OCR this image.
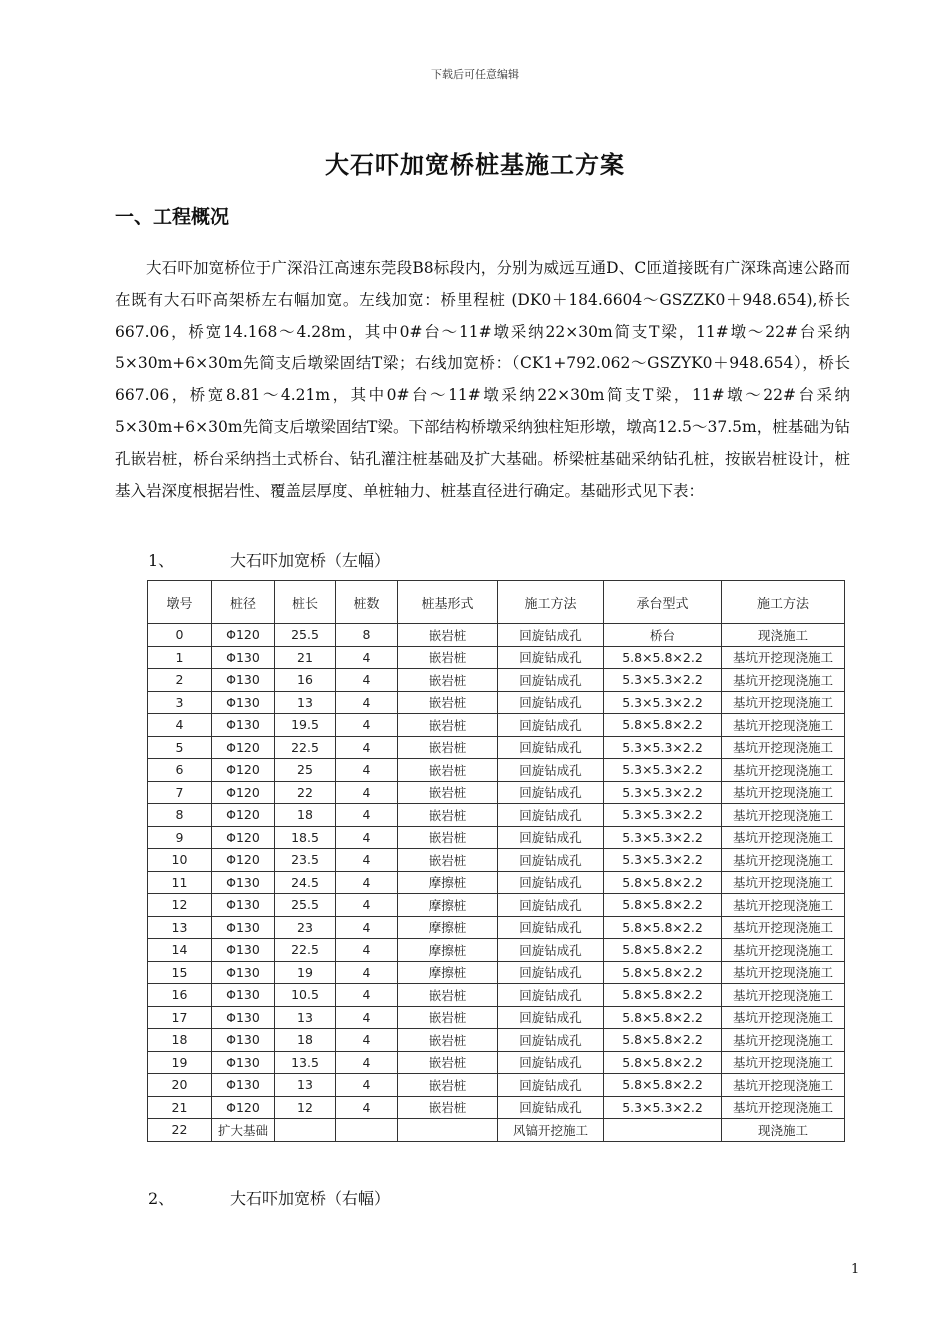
下载后可任意编辑
大石吓加宽桥桩基施工方案
一、工程概况

大石吓加宽桥位于广深沿江高速东莞段B8标段内，分别为威远互通D、C匝道接既有广深珠高速公路而在既有大石吓高架桥左右幅加宽。左线加宽：桥里程桩 (DK0＋184.6604～GSZZK0＋948.654),桥长667.06，桥宽14.168～4.28m，其中0#台～11#墩采纳22×30m简支T梁，11#墩～22#台采纳5×30m+6×30m先简支后墩梁固结T梁；右线加宽桥：（CK1+792.062～GSZYK0＋948.654），桥长667.06，桥宽8.81～4.21m，其中0#台～11#墩采纳22×30m简支T梁，11#墩～22#台采纳5×30m+6×30m先简支后墩梁固结T梁。下部结构桥墩采纳独柱矩形墩，墩高12.5～37.5m，桩基础为钻孔嵌岩桩，桥台采纳挡土式桥台、钻孔灌注桩基础及扩大基础。桥梁桩基础采纳钻孔桩，按嵌岩桩设计，桩基入岩深度根据岩性、覆盖层厚度、单桩轴力、桩基直径进行确定。基础形式见下表：

1、	大石吓加宽桥（左幅）
墩号	桩径	桩长	桩数	桩基形式	施工方法	承台型式	施工方法
0	Φ120	25.5	8	嵌岩桩	回旋钻成孔	桥台	现浇施工
1	Φ130	21	4	嵌岩桩	回旋钻成孔	5.8×5.8×2.2	基坑开挖现浇施工
2	Φ130	16	4	嵌岩桩	回旋钻成孔	5.3×5.3×2.2	基坑开挖现浇施工
3	Φ130	13	4	嵌岩桩	回旋钻成孔	5.3×5.3×2.2	基坑开挖现浇施工
4	Φ130	19.5	4	嵌岩桩	回旋钻成孔	5.8×5.8×2.2	基坑开挖现浇施工
5	Φ120	22.5	4	嵌岩桩	回旋钻成孔	5.3×5.3×2.2	基坑开挖现浇施工
6	Φ120	25	4	嵌岩桩	回旋钻成孔	5.3×5.3×2.2	基坑开挖现浇施工
7	Φ120	22	4	嵌岩桩	回旋钻成孔	5.3×5.3×2.2	基坑开挖现浇施工
8	Φ120	18	4	嵌岩桩	回旋钻成孔	5.3×5.3×2.2	基坑开挖现浇施工
9	Φ120	18.5	4	嵌岩桩	回旋钻成孔	5.3×5.3×2.2	基坑开挖现浇施工
10	Φ120	23.5	4	嵌岩桩	回旋钻成孔	5.3×5.3×2.2	基坑开挖现浇施工
11	Φ130	24.5	4	摩擦桩	回旋钻成孔	5.8×5.8×2.2	基坑开挖现浇施工
12	Φ130	25.5	4	摩擦桩	回旋钻成孔	5.8×5.8×2.2	基坑开挖现浇施工
13	Φ130	23	4	摩擦桩	回旋钻成孔	5.8×5.8×2.2	基坑开挖现浇施工
14	Φ130	22.5	4	摩擦桩	回旋钻成孔	5.8×5.8×2.2	基坑开挖现浇施工
15	Φ130	19	4	摩擦桩	回旋钻成孔	5.8×5.8×2.2	基坑开挖现浇施工
16	Φ130	10.5	4	嵌岩桩	回旋钻成孔	5.8×5.8×2.2	基坑开挖现浇施工
17	Φ130	13	4	嵌岩桩	回旋钻成孔	5.8×5.8×2.2	基坑开挖现浇施工
18	Φ130	18	4	嵌岩桩	回旋钻成孔	5.8×5.8×2.2	基坑开挖现浇施工
19	Φ130	13.5	4	嵌岩桩	回旋钻成孔	5.8×5.8×2.2	基坑开挖现浇施工
20	Φ130	13	4	嵌岩桩	回旋钻成孔	5.8×5.8×2.2	基坑开挖现浇施工
21	Φ120	12	4	嵌岩桩	回旋钻成孔	5.3×5.3×2.2	基坑开挖现浇施工
22	扩大基础				风镐开挖施工		现浇施工
2、	大石吓加宽桥（右幅）
1
